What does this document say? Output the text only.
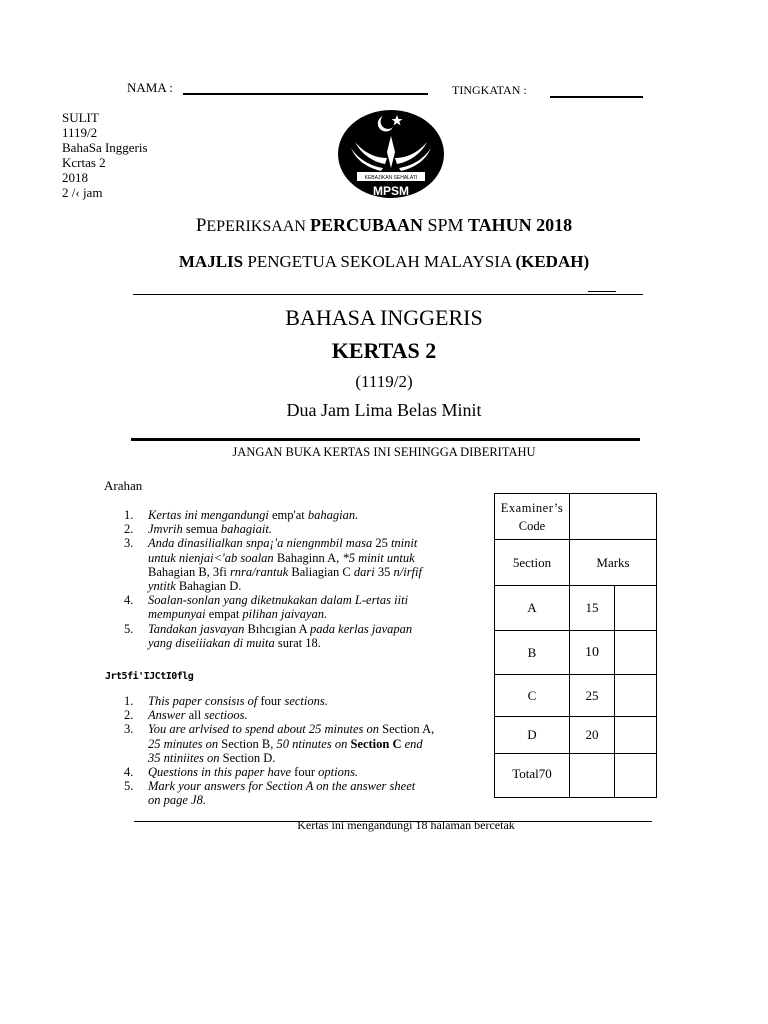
NAMA :	TINGKATAN :
SULIT
1119/2
BahaSa Inggeris
Kcrtas 2
2018
2 /‹ jam
KEBAJIKAN SEHALATI
MPSM
PEPERIKSAAN PERCUBAAN SPM TAHUN 2018
MAJLIS PENGETUA SEKOLAH MALAYSIA (KEDAH)
BAHASA INGGERIS
KERTAS 2
(1119/2)
Dua Jam Lima Belas Minit
JANGAN BUKA KERTAS INI SEHINGGA DIBERITAHU
Arahan
1. Kertas ini mengandungi emp'at bahagian.
2. Jmvrih semua bahagiait.
3. Anda dinasilialkan snpa¡'a niengnmbil masa 25 tninit
untuk nienjai<'ab soalan Bahaginn A, *5 minit untuk
Bahagian B, 3fi rnra/rantuk Baliagian C dari 35 n/irfif
yntitk Bahagian D.
4. Soalan-sonlan yang diketnukakan dalam L-ertas iiti
mempunyai empat pilihan jaivayan.
5. Tandakan jasvayan Bıhcıgian A pada kerlas javapan
yang diseiiiakan di muita surat 18.
Jrt5fi'IJCtI0flg
1. This paper consisıs of four sections.
2. Answer all sectioos.
3. You are arlvised to spend about 25 minutes on Section A,
25 minutes on Section B, 50 ntinutes on Section C end
35 ntiniites on Section D.
4. Questions in this paper have four options.
5. Mark your answers for Section A on the answer sheet
on page J8.
Examiner’s
Code		

5ection	Marks	
A	15	
B	10	
C	25	
D	20	
Total70		
Kertas ini mengandungi 18 halaman bercetak
